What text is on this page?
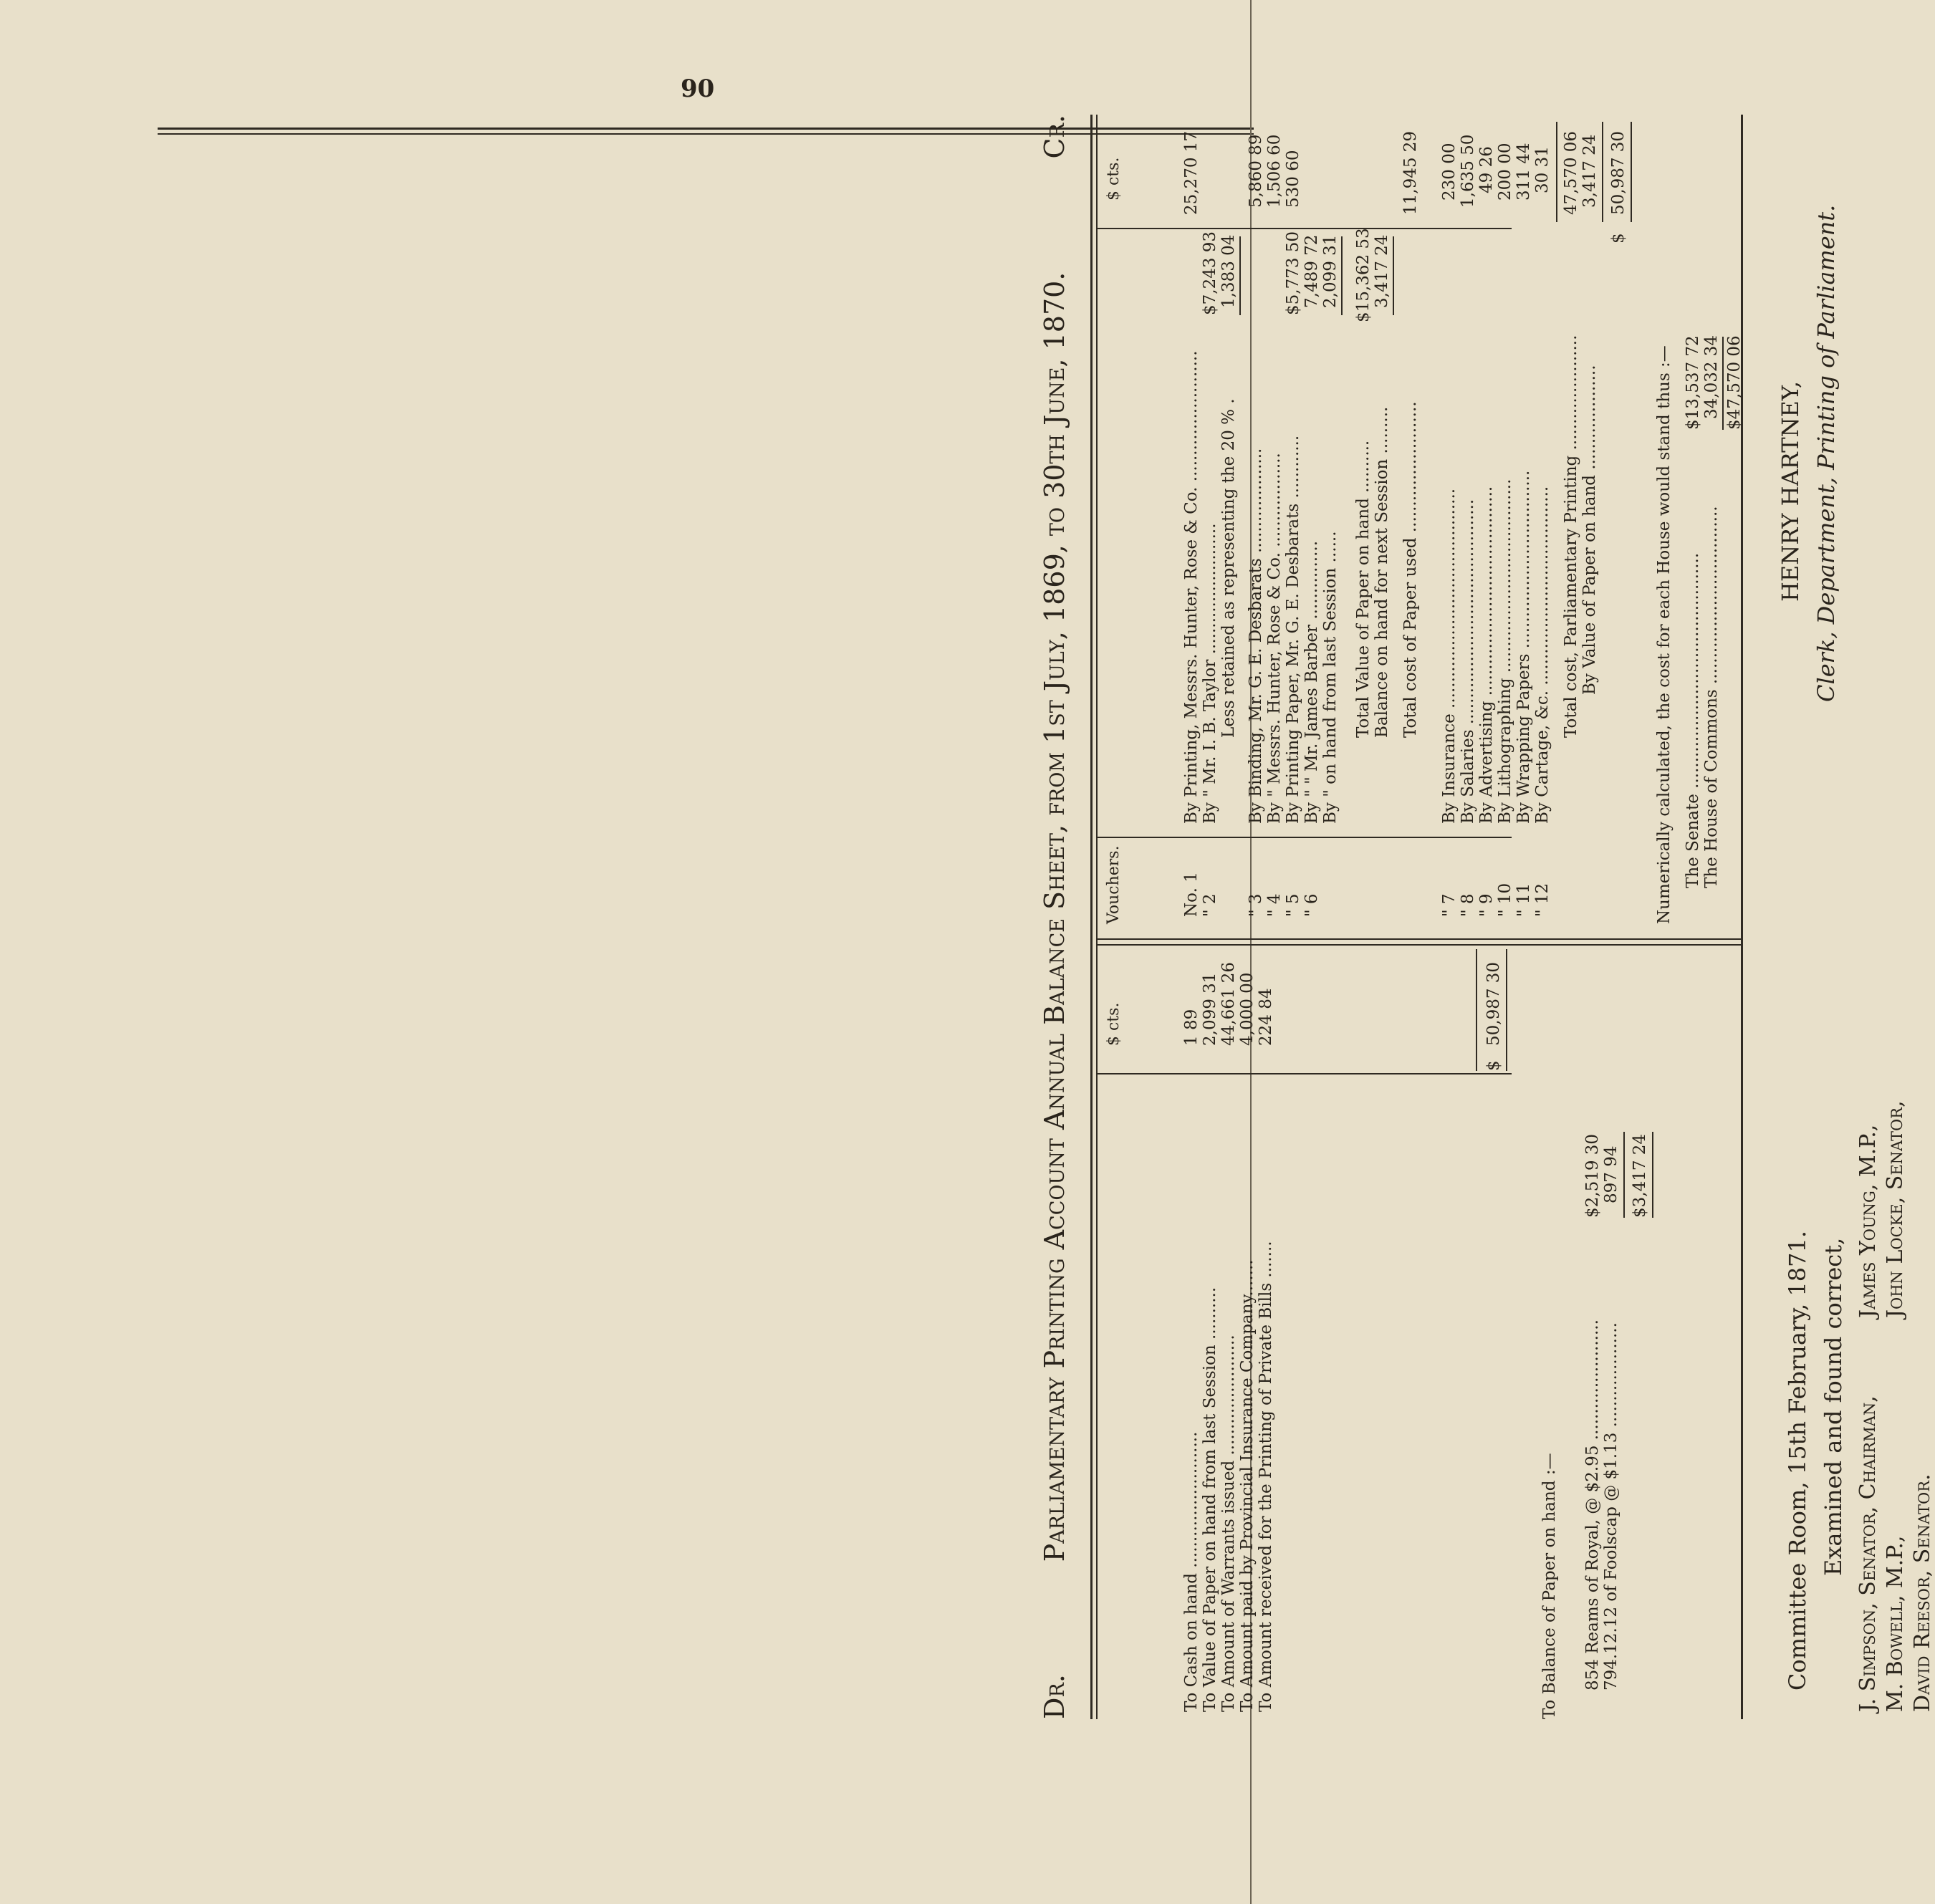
90
Dr.
Parliamentary Printing Account Annual Balance Sheet, from 1st July, 1869, to 30th June, 1870.
Cr.
$ cts.
Vouchers.
$ cts.
To Cash on hand ..........................
1 89
To Value of Paper on hand from last Session ..........
2,099 31
To Amount of Warrants issued .......................
44,661 26
To Amount paid by Provincial Insurance Company.......
4,000 00
To Amount received for the Printing of Private Bills .......
224 84
$
50,987 30
To Balance of Paper on hand :— 854 Reams of Royal, @ $2.95 .......................
$2,519 30
794.12.12 of Foolscap @ $1.13 ....................
897 94 $3,417 24
No. 1
By Printing, Messrs. Hunter, Rose & Co. .........................
25,270 17
" 2
By " Mr. I. B. Taylor .........................
$7,243 93
Less retained as representing the 20 % .
1,383 04
5,860 89
" 3
By Binding, Mr. G. E. Desbarats ....................
1,506 60
" 4
By " Messrs. Hunter, Rose & Co. ..................
530 60
" 5
By Printing Paper, Mr. G. E. Desbarats ............
$5,773 50
" 6
By " " Mr. James Barber ...............
7,489 72
By " on hand from last Session ......
2,099 31
Total Value of Paper on hand ..........
$15,362 53
Balance on hand for next Session .........
3,417 24
Total cost of Paper used .........................
11,945 29
" 7
By Insurance ..........................................
230 00
" 8
By Salaries ...........................................
1,635 50
" 9
By Advertising ........................................
49 26
" 10
By Lithographing .....................................
200 00
" 11
By Wrapping Papers ..................................
311 44
" 12
By Cartage, &c. ......................................
30 31
Total cost, Parliamentary Printing ......................
47,570 06
By Value of Paper on hand ....................
3,417 24
$
50,987 30
Numerically calculated, the cost for each House would stand thus :— The Senate .............................................
$13,537 72
The House of Commons ..................................
34,032 34 $47,570 06
Committee Room, 15th February, 1871. Examined and found correct, J. Simpson, Senator, Chairman, M. Bowell, M.P., David Reesor, Senator.
James Young, M.P., John Locke, Senator,
HENRY HARTNEY, Clerk, Department, Printing of Parliament.
